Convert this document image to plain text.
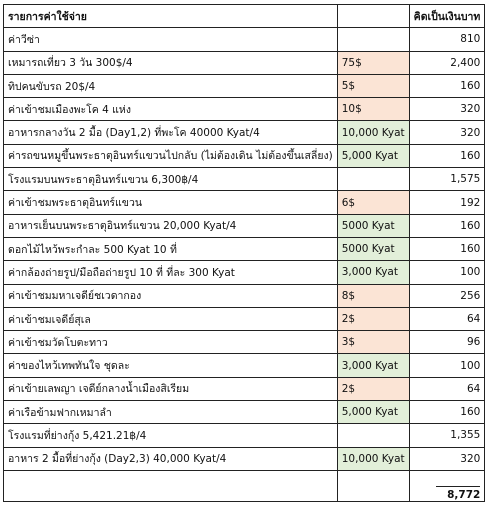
รายการค่าใช้จ่าย		คิดเป็นเงินบาท
ค่าวีซ่า		810
เหมารถเที่ยว 3 วัน 300$/4	75$	2,400
ทิปคนขับรถ 20$/4	5$	160
ค่าเข้าชมเมืองพะโค 4 แห่ง	10$	320
อาหารกลางวัน 2 มื้อ (Day1,2) ที่พะโค 40000 Kyat/4	10,000 Kyat	320
ค่ารถขนหมูขึ้นพระธาตุอินทร์แขวนไปกลับ (ไม่ต้องเดิน ไม่ต้องขึ้นเสลี่ยง)	5,000 Kyat	160
โรงแรมบนพระธาตุอินทร์แขวน 6,300฿/4		1,575
ค่าเข้าชมพระธาตุอินทร์แขวน	6$	192
อาหารเย็นบนพระธาตุอินทร์แขวน 20,000 Kyat/4	5000 Kyat	160
ดอกไม้ไหว้พระกำละ 500 Kyat 10 ที่	5000 Kyat	160
ค่ากล้องถ่ายรูป/มือถือถ่ายรูป 10 ที่ ที่ละ 300 Kyat	3,000 Kyat	100
ค่าเข้าชมมหาเจดีย์ชเวดากอง	8$	256
ค่าเข้าชมเจดีย์สุเล	2$	64
ค่าเข้าชมวัดโบตะทาว	3$	96
ค่าของไหว้เทพทันใจ ชุดละ	3,000 Kyat	100
ค่าเข้ายเลพญา เจดีย์กลางน้ำเมืองสิเรียม	2$	64
ค่าเรือข้ามฟากเหมาลำ	5,000 Kyat	160
โรงแรมที่ย่างกุ้ง 5,421.21฿/4		1,355
อาหาร 2 มื้อที่ย่างกุ้ง (Day2,3) 40,000 Kyat/4	10,000 Kyat	320
		8,772
